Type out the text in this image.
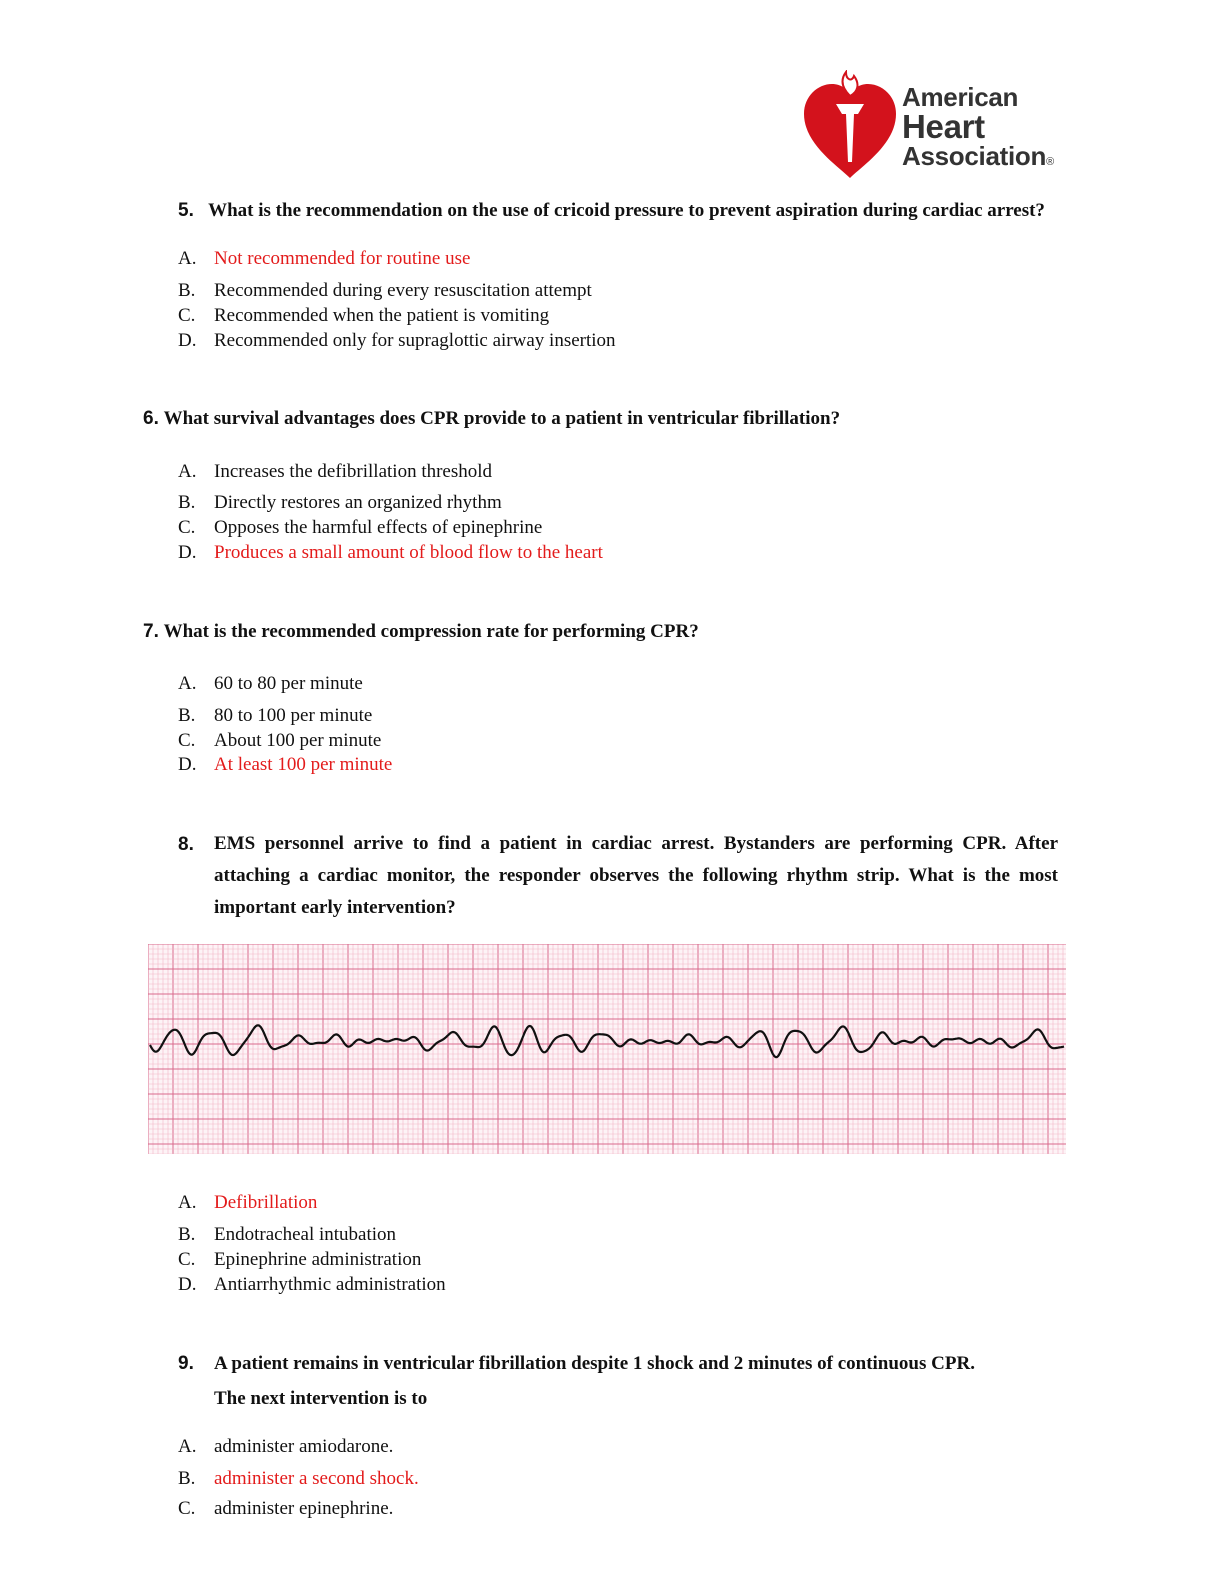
American
Heart
Association®
5. What is the recommendation on the use of cricoid pressure to prevent aspiration during cardiac arrest?
A. Not recommended for routine use
B. Recommended during every resuscitation attempt
C. Recommended when the patient is vomiting
D. Recommended only for supraglottic airway insertion
6. What survival advantages does CPR provide to a patient in ventricular fibrillation?
A. Increases the defibrillation threshold
B. Directly restores an organized rhythm
C. Opposes the harmful effects of epinephrine
D. Produces a small amount of blood flow to the heart
7. What is the recommended compression rate for performing CPR?
A. 60 to 80 per minute
B. 80 to 100 per minute
C. About 100 per minute
D. At least 100 per minute
8. EMS personnel arrive to find a patient in cardiac arrest. Bystanders are performing CPR. After attaching a cardiac monitor, the responder observes the following rhythm strip. What is the most important early intervention?
A. Defibrillation
B. Endotracheal intubation
C. Epinephrine administration
D. Antiarrhythmic administration
9. A patient remains in ventricular fibrillation despite 1 shock and 2 minutes of continuous CPR.
The next intervention is to
A. administer amiodarone.
B. administer a second shock.
C. administer epinephrine.
